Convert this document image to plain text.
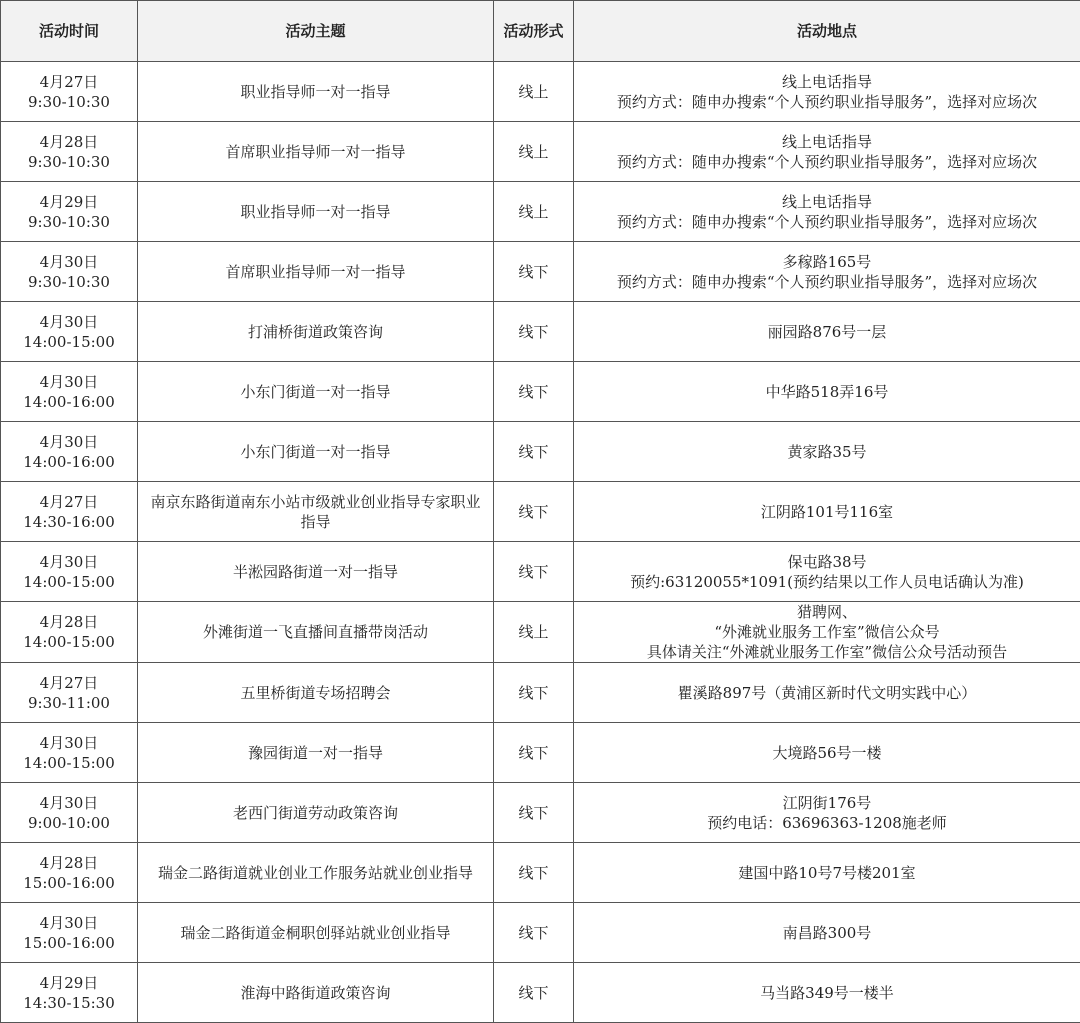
活动时间	活动主题	活动形式	活动地点

4月27日
9:30-10:30	职业指导师一对一指导	线上	线上电话指导
预约方式：随申办搜索“个人预约职业指导服务”，选择对应场次

4月28日
9:30-10:30	首席职业指导师一对一指导	线上	线上电话指导
预约方式：随申办搜索“个人预约职业指导服务”，选择对应场次

4月29日
9:30-10:30	职业指导师一对一指导	线上	线上电话指导
预约方式：随申办搜索“个人预约职业指导服务”，选择对应场次

4月30日
9:30-10:30	首席职业指导师一对一指导	线下	多稼路165号
预约方式：随申办搜索“个人预约职业指导服务”，选择对应场次

4月30日
14:00-15:00	打浦桥街道政策咨询	线下	丽园路876号一层

4月30日
14:00-16:00	小东门街道一对一指导	线下	中华路518弄16号

4月30日
14:00-16:00	小东门街道一对一指导	线下	黄家路35号

4月27日
14:30-16:00	南京东路街道南东小站市级就业创业指导专家职业指导	线下	江阴路101号116室

4月30日
14:00-15:00	半淞园路街道一对一指导	线下	保屯路38号
预约:63120055*1091(预约结果以工作人员电话确认为准)

4月28日
14:00-15:00	外滩街道一飞直播间直播带岗活动	线上	猎聘网、
“外滩就业服务工作室”微信公众号
具体请关注“外滩就业服务工作室”微信公众号活动预告

4月27日
9:30-11:00	五里桥街道专场招聘会	线下	瞿溪路897号（黄浦区新时代文明实践中心）

4月30日
14:00-15:00	豫园街道一对一指导	线下	大境路56号一楼

4月30日
9:00-10:00	老西门街道劳动政策咨询	线下	江阴街176号
预约电话：63696363-1208施老师

4月28日
15:00-16:00	瑞金二路街道就业创业工作服务站就业创业指导	线下	建国中路10号7号楼201室

4月30日
15:00-16:00	瑞金二路街道金桐职创驿站就业创业指导	线下	南昌路300号

4月29日
14:30-15:30	淮海中路街道政策咨询	线下	马当路349号一楼半
